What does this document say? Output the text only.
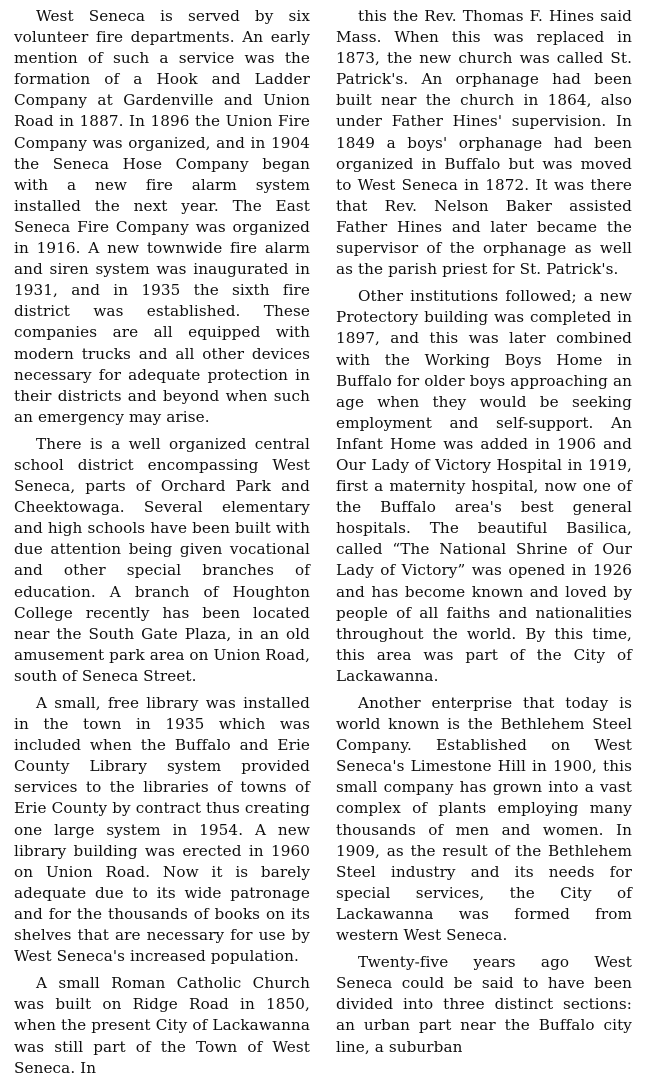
West Seneca is served by six volunteer fire departments. An early mention of such a service was the formation of a Hook and Ladder Company at Gardenville and Union Road in 1887. In 1896 the Union Fire Company was organized, and in 1904 the Seneca Hose Company began with a new fire alarm system installed the next year. The East Seneca Fire Company was organized in 1916. A new townwide fire alarm and siren system was inaugurated in 1931, and in 1935 the sixth fire district was established. These companies are all equipped with modern trucks and all other devices necessary for adequate protection in their districts and beyond when such an emergency may arise.

There is a well organized central school district encompassing West Seneca, parts of Orchard Park and Cheektowaga. Several elementary and high schools have been built with due attention being given vocational and other special branches of education. A branch of Houghton College recently has been located near the South Gate Plaza, in an old amusement park area on Union Road, south of Seneca Street.

A small, free library was installed in the town in 1935 which was included when the Buffalo and Erie County Library system provided services to the libraries of towns of Erie County by contract thus creating one large system in 1954. A new library building was erected in 1960 on Union Road. Now it is barely adequate due to its wide patronage and for the thousands of books on its shelves that are necessary for use by West Seneca's increased population.

A small Roman Catholic Church was built on Ridge Road in 1850, when the present City of Lackawanna was still part of the Town of West Seneca. In

this the Rev. Thomas F. Hines said Mass. When this was replaced in 1873, the new church was called St. Patrick's. An orphanage had been built near the church in 1864, also under Father Hines' supervision. In 1849 a boys' orphanage had been organized in Buffalo but was moved to West Seneca in 1872. It was there that Rev. Nelson Baker assisted Father Hines and later became the supervisor of the orphanage as well as the parish priest for St. Patrick's.

Other institutions followed; a new Protectory building was completed in 1897, and this was later combined with the Working Boys Home in Buffalo for older boys approaching an age when they would be seeking employment and self-support. An Infant Home was added in 1906 and Our Lady of Victory Hospital in 1919, first a maternity hospital, now one of the Buffalo area's best general hospitals. The beautiful Basilica, called “The National Shrine of Our Lady of Victory” was opened in 1926 and has become known and loved by people of all faiths and nationalities throughout the world. By this time, this area was part of the City of Lackawanna.

Another enterprise that today is world known is the Bethlehem Steel Company. Established on West Seneca's Limestone Hill in 1900, this small company has grown into a vast complex of plants employing many thousands of men and women. In 1909, as the result of the Bethlehem Steel industry and its needs for special services, the City of Lackawanna was formed from western West Seneca.

Twenty-five years ago West Seneca could be said to have been divided into three distinct sections: an urban part near the Buffalo city line, a suburban
